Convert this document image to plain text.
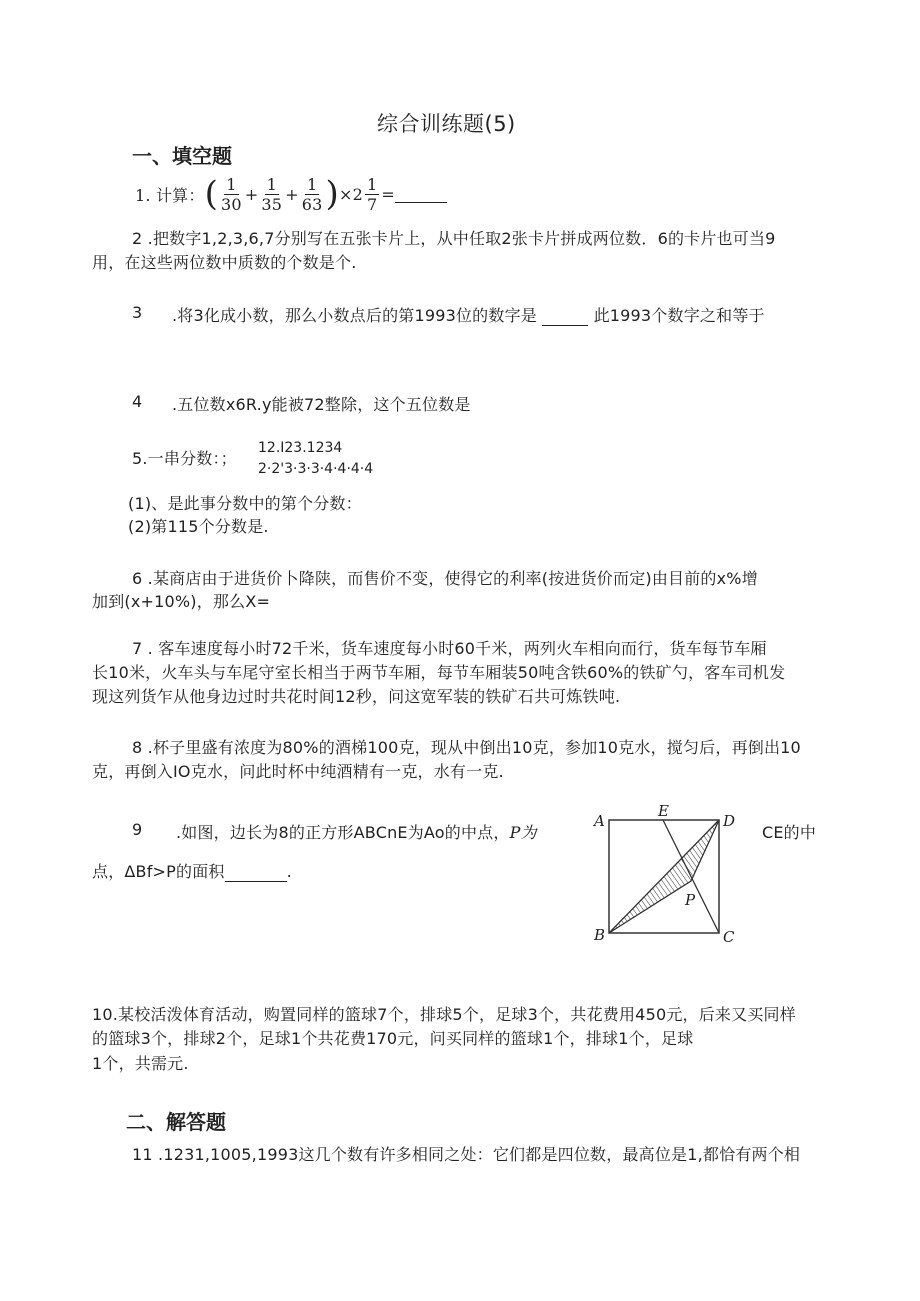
综合训练题(5)
一、填空题
1. 计算： ( $\frac{1}{30} + \frac{1}{35} + \frac{1}{63}$ ) $\times 2 \frac{1}{7}$ =
2 .把数字1,2,3,6,7分别写在五张卡片上，从中任取2张卡片拼成两位数．6的卡片也可当9
用，在这些两位数中质数的个数是个.
3 .将3化成小数，那么小数点后的第1993位的数字是	此1993个数字之和等于
4 .五位数x6R.y能被72整除，这个五位数是
5.一串分数：；
12.I23.1234
2·2'3·3·3·4·4·4·4
(1)、是此事分数中的第个分数：
(2)第115个分数是.
6 .某商店由于进货价卜降陕，而售价不变，使得它的利率(按进货价而定)由目前的x%增
加到(x+10%)，那么X=
7 . 客车速度每小时72千米，货车速度每小时60千米，两列火车相向而行，货车每节车厢
长10米，火车头与车尾守室长相当于两节车厢，每节车厢装50吨含铁60%的铁矿勺，客车司机发
现这列货乍从他身边过时共花时间12秒，问这宽军装的铁矿石共可炼铁吨.
8 .杯子里盛有浓度为80%的酒梯100克，现从中倒出10克，参加10克水，搅匀后，再倒出10
克，再倒入IO克水，问此时杯中纯酒精有一克，水有一克.
9 .如图，边长为8的正方形ABCnE为Ao的中点，P为	CE的中
点，ΔBf>P的面积	.
A
E
D
P
B	C
10.某校活泼体育活动，购置同样的篮球7个，排球5个，足球3个，共花费用450元，后来又买同样
的篮球3个，排球2个，足球1个共花费170元，问买同样的篮球1个，排球1个，足球
1个，共需元.
二、解答题
11 .1231,1005,1993这几个数有许多相同之处：它们都是四位数，最高位是1,都恰有两个相
